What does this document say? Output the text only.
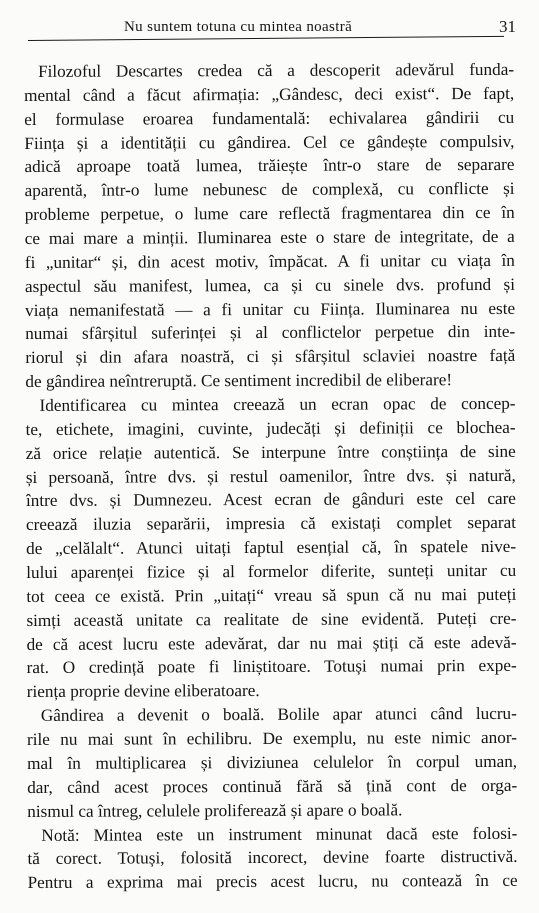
Nu suntem totuna cu mintea noastră	31
Filozoful Descartes credea că a descoperit adevărul funda-
mental când a făcut afirmația: „Gândesc, deci exist“. De fapt,
el formulase eroarea fundamentală: echivalarea gândirii cu
Ființa și a identității cu gândirea. Cel ce gândește compulsiv,
adică aproape toată lumea, trăiește într-o stare de separare
aparentă, într-o lume nebunesc de complexă, cu conflicte și
probleme perpetue, o lume care reflectă fragmentarea din ce în
ce mai mare a minții. Iluminarea este o stare de integritate, de a
fi „unitar“ și, din acest motiv, împăcat. A fi unitar cu viața în
aspectul său manifest, lumea, ca și cu sinele dvs. profund și
viața nemanifestată — a fi unitar cu Ființa. Iluminarea nu este
numai sfârșitul suferinței și al conflictelor perpetue din inte-
riorul și din afara noastră, ci și sfârșitul sclaviei noastre față
de gândirea neîntreruptă. Ce sentiment incredibil de eliberare!
Identificarea cu mintea creează un ecran opac de concep-
te, etichete, imagini, cuvinte, judecăți și definiții ce blochea-
ză orice relație autentică. Se interpune între conștiința de sine
și persoană, între dvs. și restul oamenilor, între dvs. și natură,
între dvs. și Dumnezeu. Acest ecran de gânduri este cel care
creează iluzia separării, impresia că existați complet separat
de „celălalt“. Atunci uitați faptul esențial că, în spatele nive-
lului aparenței fizice și al formelor diferite, sunteți unitar cu
tot ceea ce există. Prin „uitați“ vreau să spun că nu mai puteți
simți această unitate ca realitate de sine evidentă. Puteți cre-
de că acest lucru este adevărat, dar nu mai știți că este adevă-
rat. O credință poate fi liniștitoare. Totuși numai prin expe-
riența proprie devine eliberatoare.
Gândirea a devenit o boală. Bolile apar atunci când lucru-
rile nu mai sunt în echilibru. De exemplu, nu este nimic anor-
mal în multiplicarea și diviziunea celulelor în corpul uman,
dar, când acest proces continuă fără să țină cont de orga-
nismul ca întreg, celulele proliferează și apare o boală.
Notă: Mintea este un instrument minunat dacă este folosi-
tă corect. Totuși, folosită incorect, devine foarte distructivă.
Pentru a exprima mai precis acest lucru, nu contează în ce
